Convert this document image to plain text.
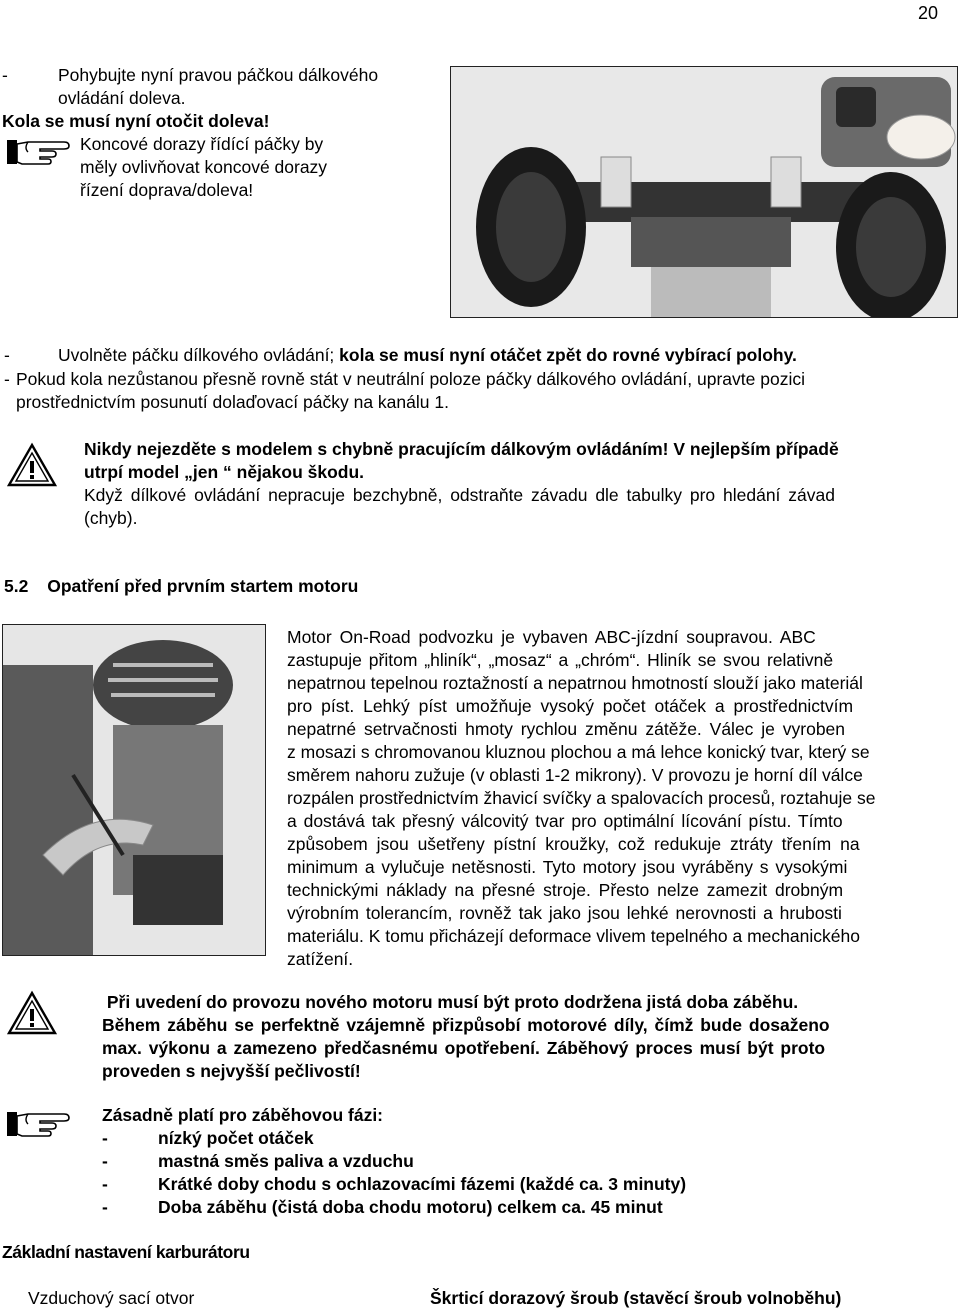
20
-	Pohybujte nyní pravou páčkou dálkového
ovládání doleva.
Kola se musí nyní otočit doleva!
Koncové dorazy řídící páčky by
měly ovlivňovat koncové dorazy
řízení doprava/doleva!
-	Uvolněte páčku dílkového ovládání; kola se musí nyní otáčet zpět do rovné vybírací polohy.
- Pokud kola nezůstanou přesně rovně stát v neutrální poloze páčky dálkového ovládání, upravte pozici
prostřednictvím posunutí dolaďovací páčky na kanálu 1.
Nikdy nejezděte s modelem s chybně pracujícím dálkovým ovládáním! V nejlepším případě
utrpí model „jen “ nějakou škodu.
Když dílkové ovládání nepracuje bezchybně, odstraňte závadu dle tabulky pro hledání závad
(chyb).
5.2 Opatření před prvním startem motoru
Motor On-Road podvozku je vybaven ABC-jízdní soupravou. ABC
zastupuje přitom „hliník“, „mosaz“ a „chróm“. Hliník se svou relativně
nepatrnou tepelnou roztažností a nepatrnou hmotností slouží jako materiál
pro píst. Lehký píst umožňuje vysoký počet otáček a prostřednictvím
nepatrné setrvačnosti hmoty rychlou změnu zátěže. Válec je vyroben
z mosazi s chromovanou kluznou plochou a má lehce konický tvar, který se
směrem nahoru zužuje (v oblasti 1-2 mikrony). V provozu je horní díl válce
rozpálen prostřednictvím žhavicí svíčky a spalovacích procesů, roztahuje se
a dostává tak přesný válcovitý tvar pro optimální lícování pístu. Tímto
způsobem jsou ušetřeny pístní kroužky, což redukuje ztráty třením na
minimum a vylučuje netěsnosti. Tyto motory jsou vyráběny s vysokými
technickými náklady na přesné stroje. Přesto nelze zamezit drobným
výrobním tolerancím, rovněž tak jako jsou lehké nerovnosti a hrubosti
materiálu. K tomu přicházejí deformace vlivem tepelného a mechanického
zatížení.
Při uvedení do provozu nového motoru musí být proto dodržena jistá doba záběhu.
Během záběhu se perfektně vzájemně přizpůsobí motorové díly, čímž bude dosaženo
max. výkonu a zamezeno předčasnému opotřebení. Záběhový proces musí být proto
proveden s nejvyšší pečlivostí!
Zásadně platí pro záběhovou fázi:
-	nízký počet otáček
-	mastná směs paliva a vzduchu
-	Krátké doby chodu s ochlazovacími fázemi (každé ca. 3 minuty)
-	Doba záběhu (čistá doba chodu motoru) celkem ca. 45 minut
Základní nastavení karburátoru
Vzduchový sací otvor	Škrticí dorazový šroub (stavěcí šroub volnoběhu)
